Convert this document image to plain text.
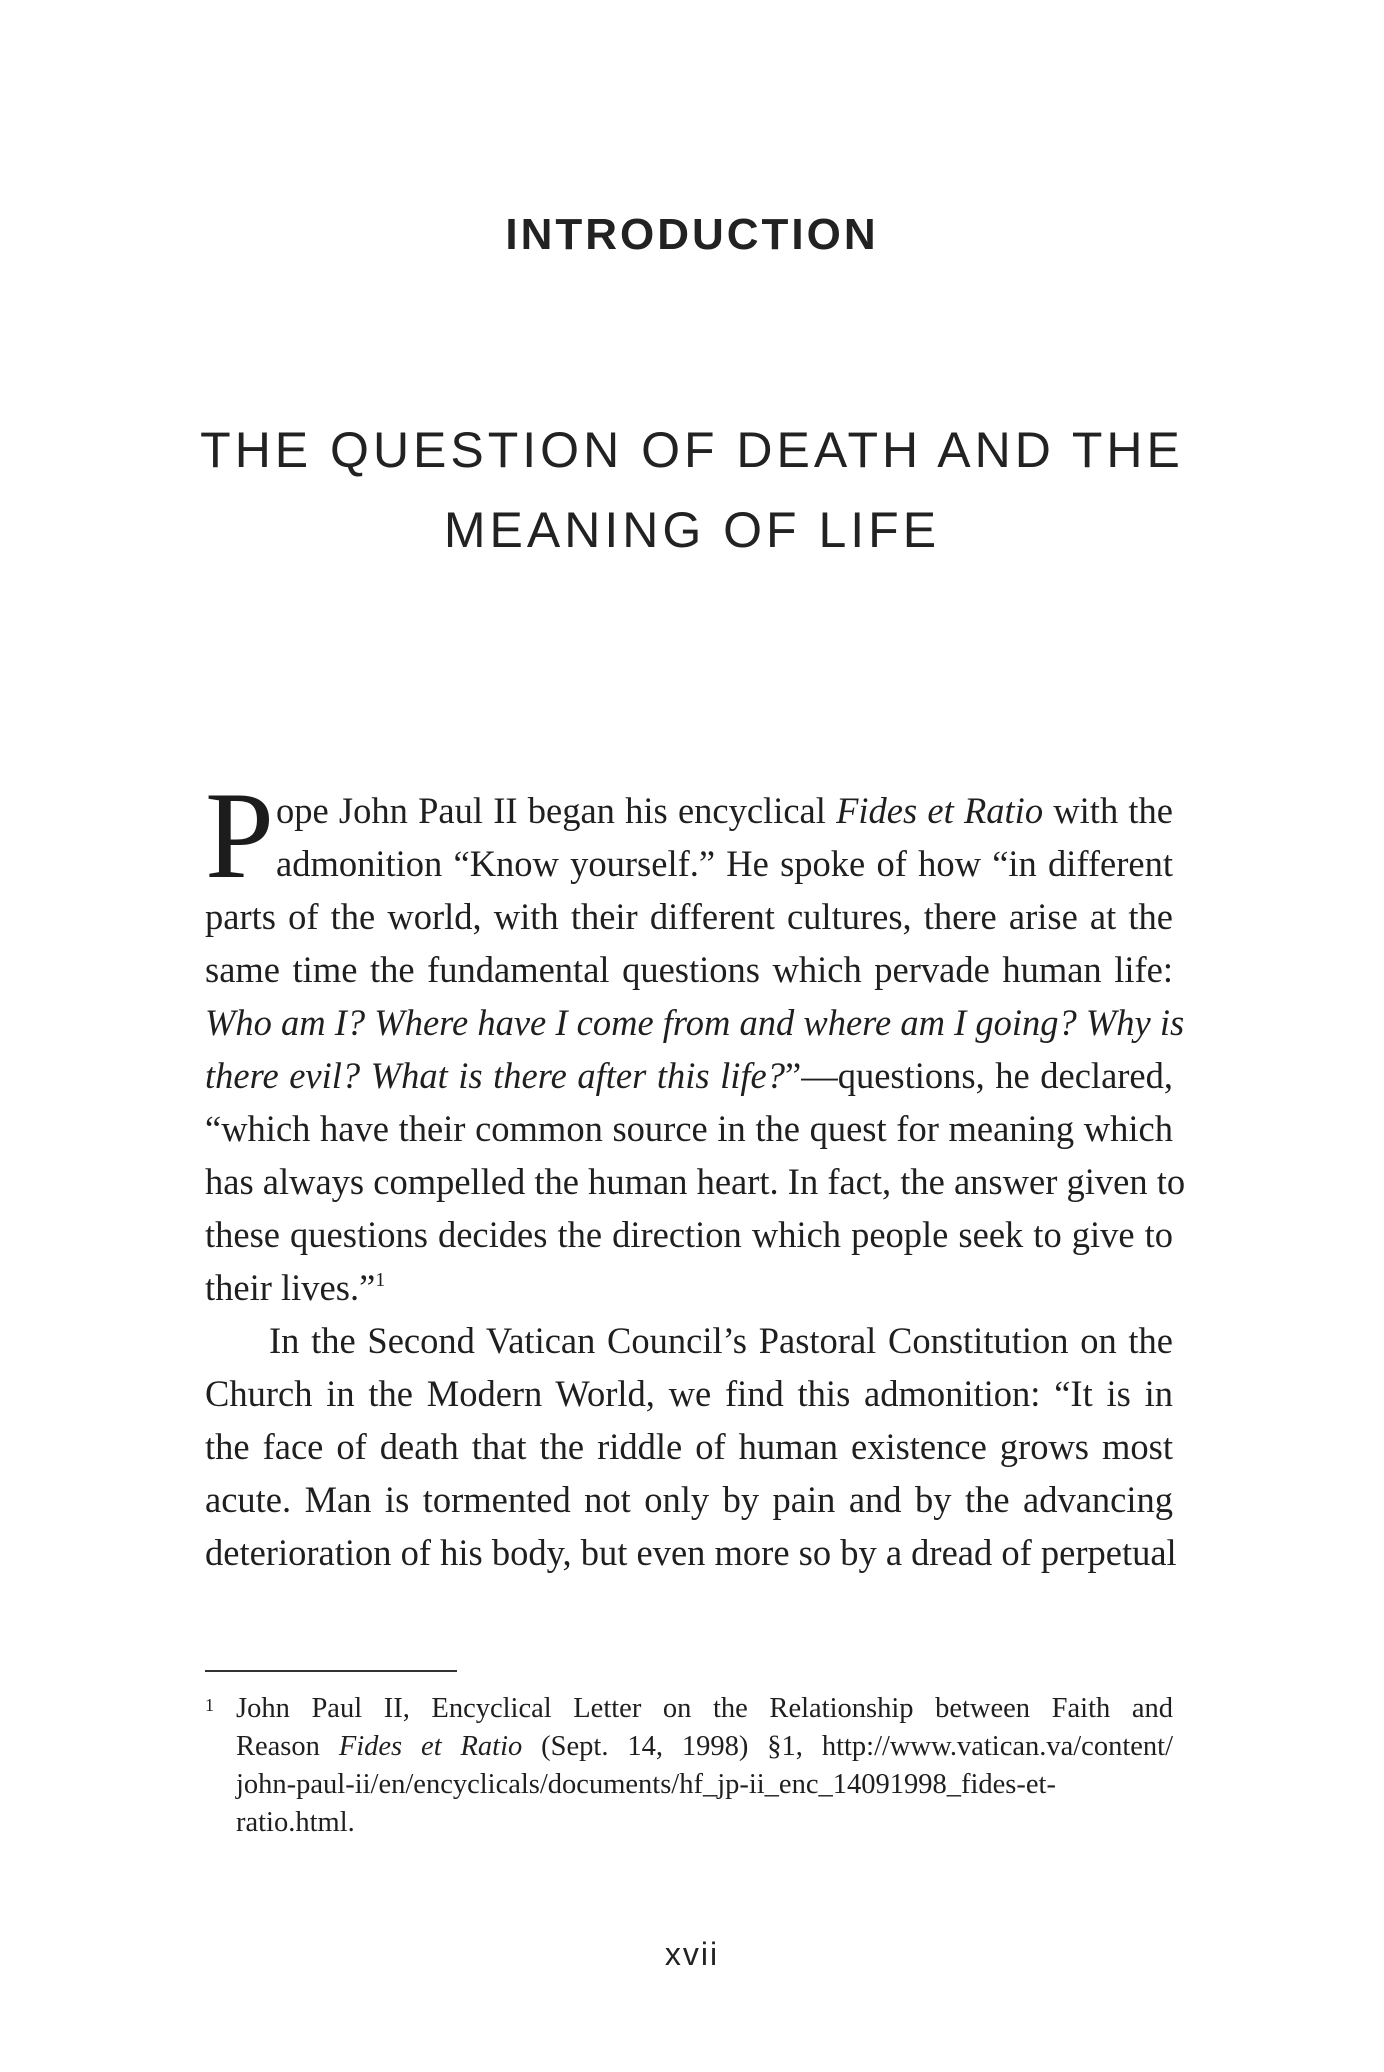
INTRODUCTION
THE QUESTION OF DEATH AND THE
MEANING OF LIFE
P ope John Paul II began his encyclical Fides et Ratio with the
admonition “Know yourself.” He spoke of how “in different
parts of the world, with their different cultures, there arise at the
same time the fundamental questions which pervade human life:
Who am I? Where have I come from and where am I going? Why is
there evil? What is there after this life?”—questions, he declared,
“which have their common source in the quest for meaning which
has always compelled the human heart. In fact, the answer given to
these questions decides the direction which people seek to give to
their lives.”$^1$
In the Second Vatican Council’s Pastoral Constitution on the
Church in the Modern World, we find this admonition: “It is in
the face of death that the riddle of human existence grows most
acute. Man is tormented not only by pain and by the advancing
deterioration of his body, but even more so by a dread of perpetual
1 John Paul II, Encyclical Letter on the Relationship between Faith and
Reason Fides et Ratio (Sept. 14, 1998) §1, http://www.vatican.va/content/
john-paul-ii/en/encyclicals/documents/hf_jp-ii_enc_14091998_fides-et-
ratio.html.
xvii
